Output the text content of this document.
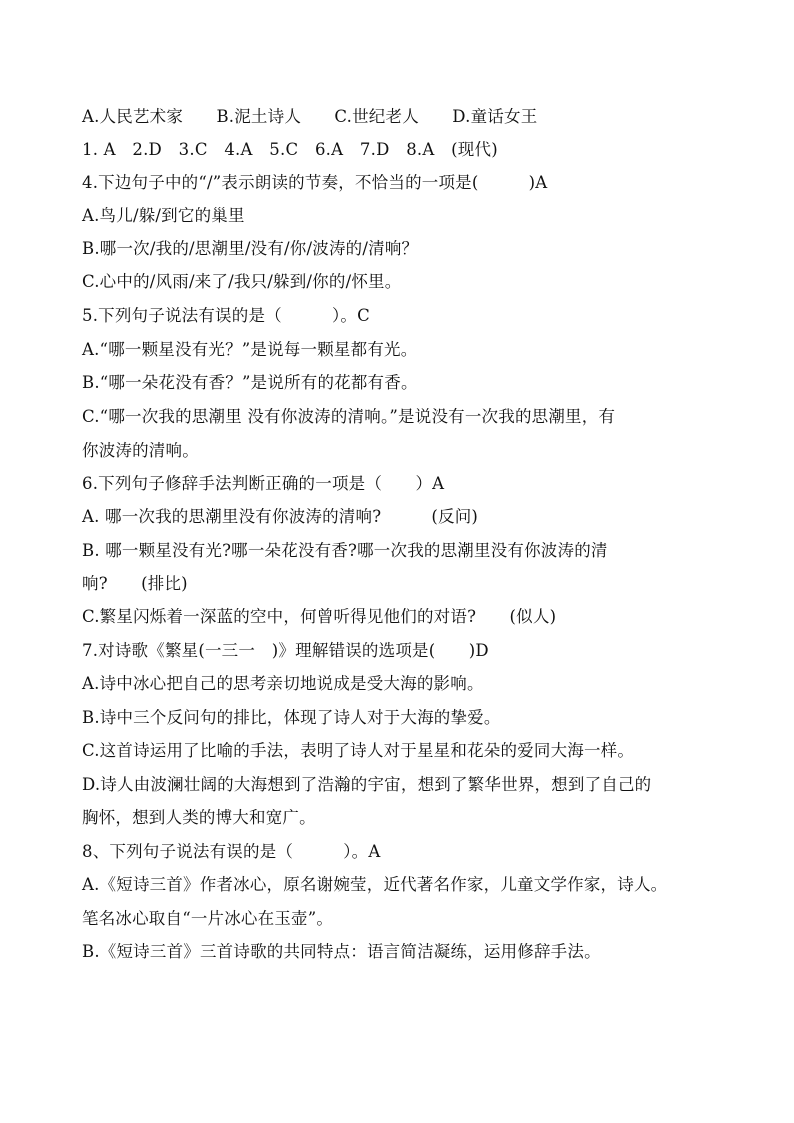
A.人民艺术家　　B.泥土诗人　　C.世纪老人　　D.童话女王
1. A　2.D　3.C　4.A　5.C　6.A　7.D　8.A　(现代)
4.下边句子中的“/”表示朗读的节奏，不恰当的一项是(　　　)A
A.鸟儿/躲/到它的巢里
B.哪一次/我的/思潮里/没有/你/波涛的/清响？
C.心中的/风雨/来了/我只/躲到/你的/怀里。
5.下列句子说法有误的是（　　　）。C
A.“哪一颗星没有光？”是说每一颗星都有光。
B.“哪一朵花没有香？”是说所有的花都有香。
C.“哪一次我的思潮里 没有你波涛的清响。”是说没有一次我的思潮里，有
你波涛的清响。
6.下列句子修辞手法判断正确的一项是（　　）A
A. 哪一次我的思潮里没有你波涛的清响?　　　(反问)
B. 哪一颗星没有光?哪一朵花没有香?哪一次我的思潮里没有你波涛的清
响?　　(排比)
C.繁星闪烁着一深蓝的空中，何曾听得见他们的对语?　　(似人)
7.对诗歌《繁星(一三一　)》理解错误的选项是(　　)D
A.诗中冰心把自己的思考亲切地说成是受大海的影响。
B.诗中三个反问句的排比，体现了诗人对于大海的挚爱。
C.这首诗运用了比喻的手法，表明了诗人对于星星和花朵的爱同大海一样。
D.诗人由波澜壮阔的大海想到了浩瀚的宇宙，想到了繁华世界，想到了自己的
胸怀，想到人类的博大和宽广。
8、下列句子说法有误的是（　　　）。A
A.《短诗三首》作者冰心，原名谢婉莹，近代著名作家，儿童文学作家，诗人。
笔名冰心取自“一片冰心在玉壶”。
B.《短诗三首》三首诗歌的共同特点：语言简洁凝练，运用修辞手法。
